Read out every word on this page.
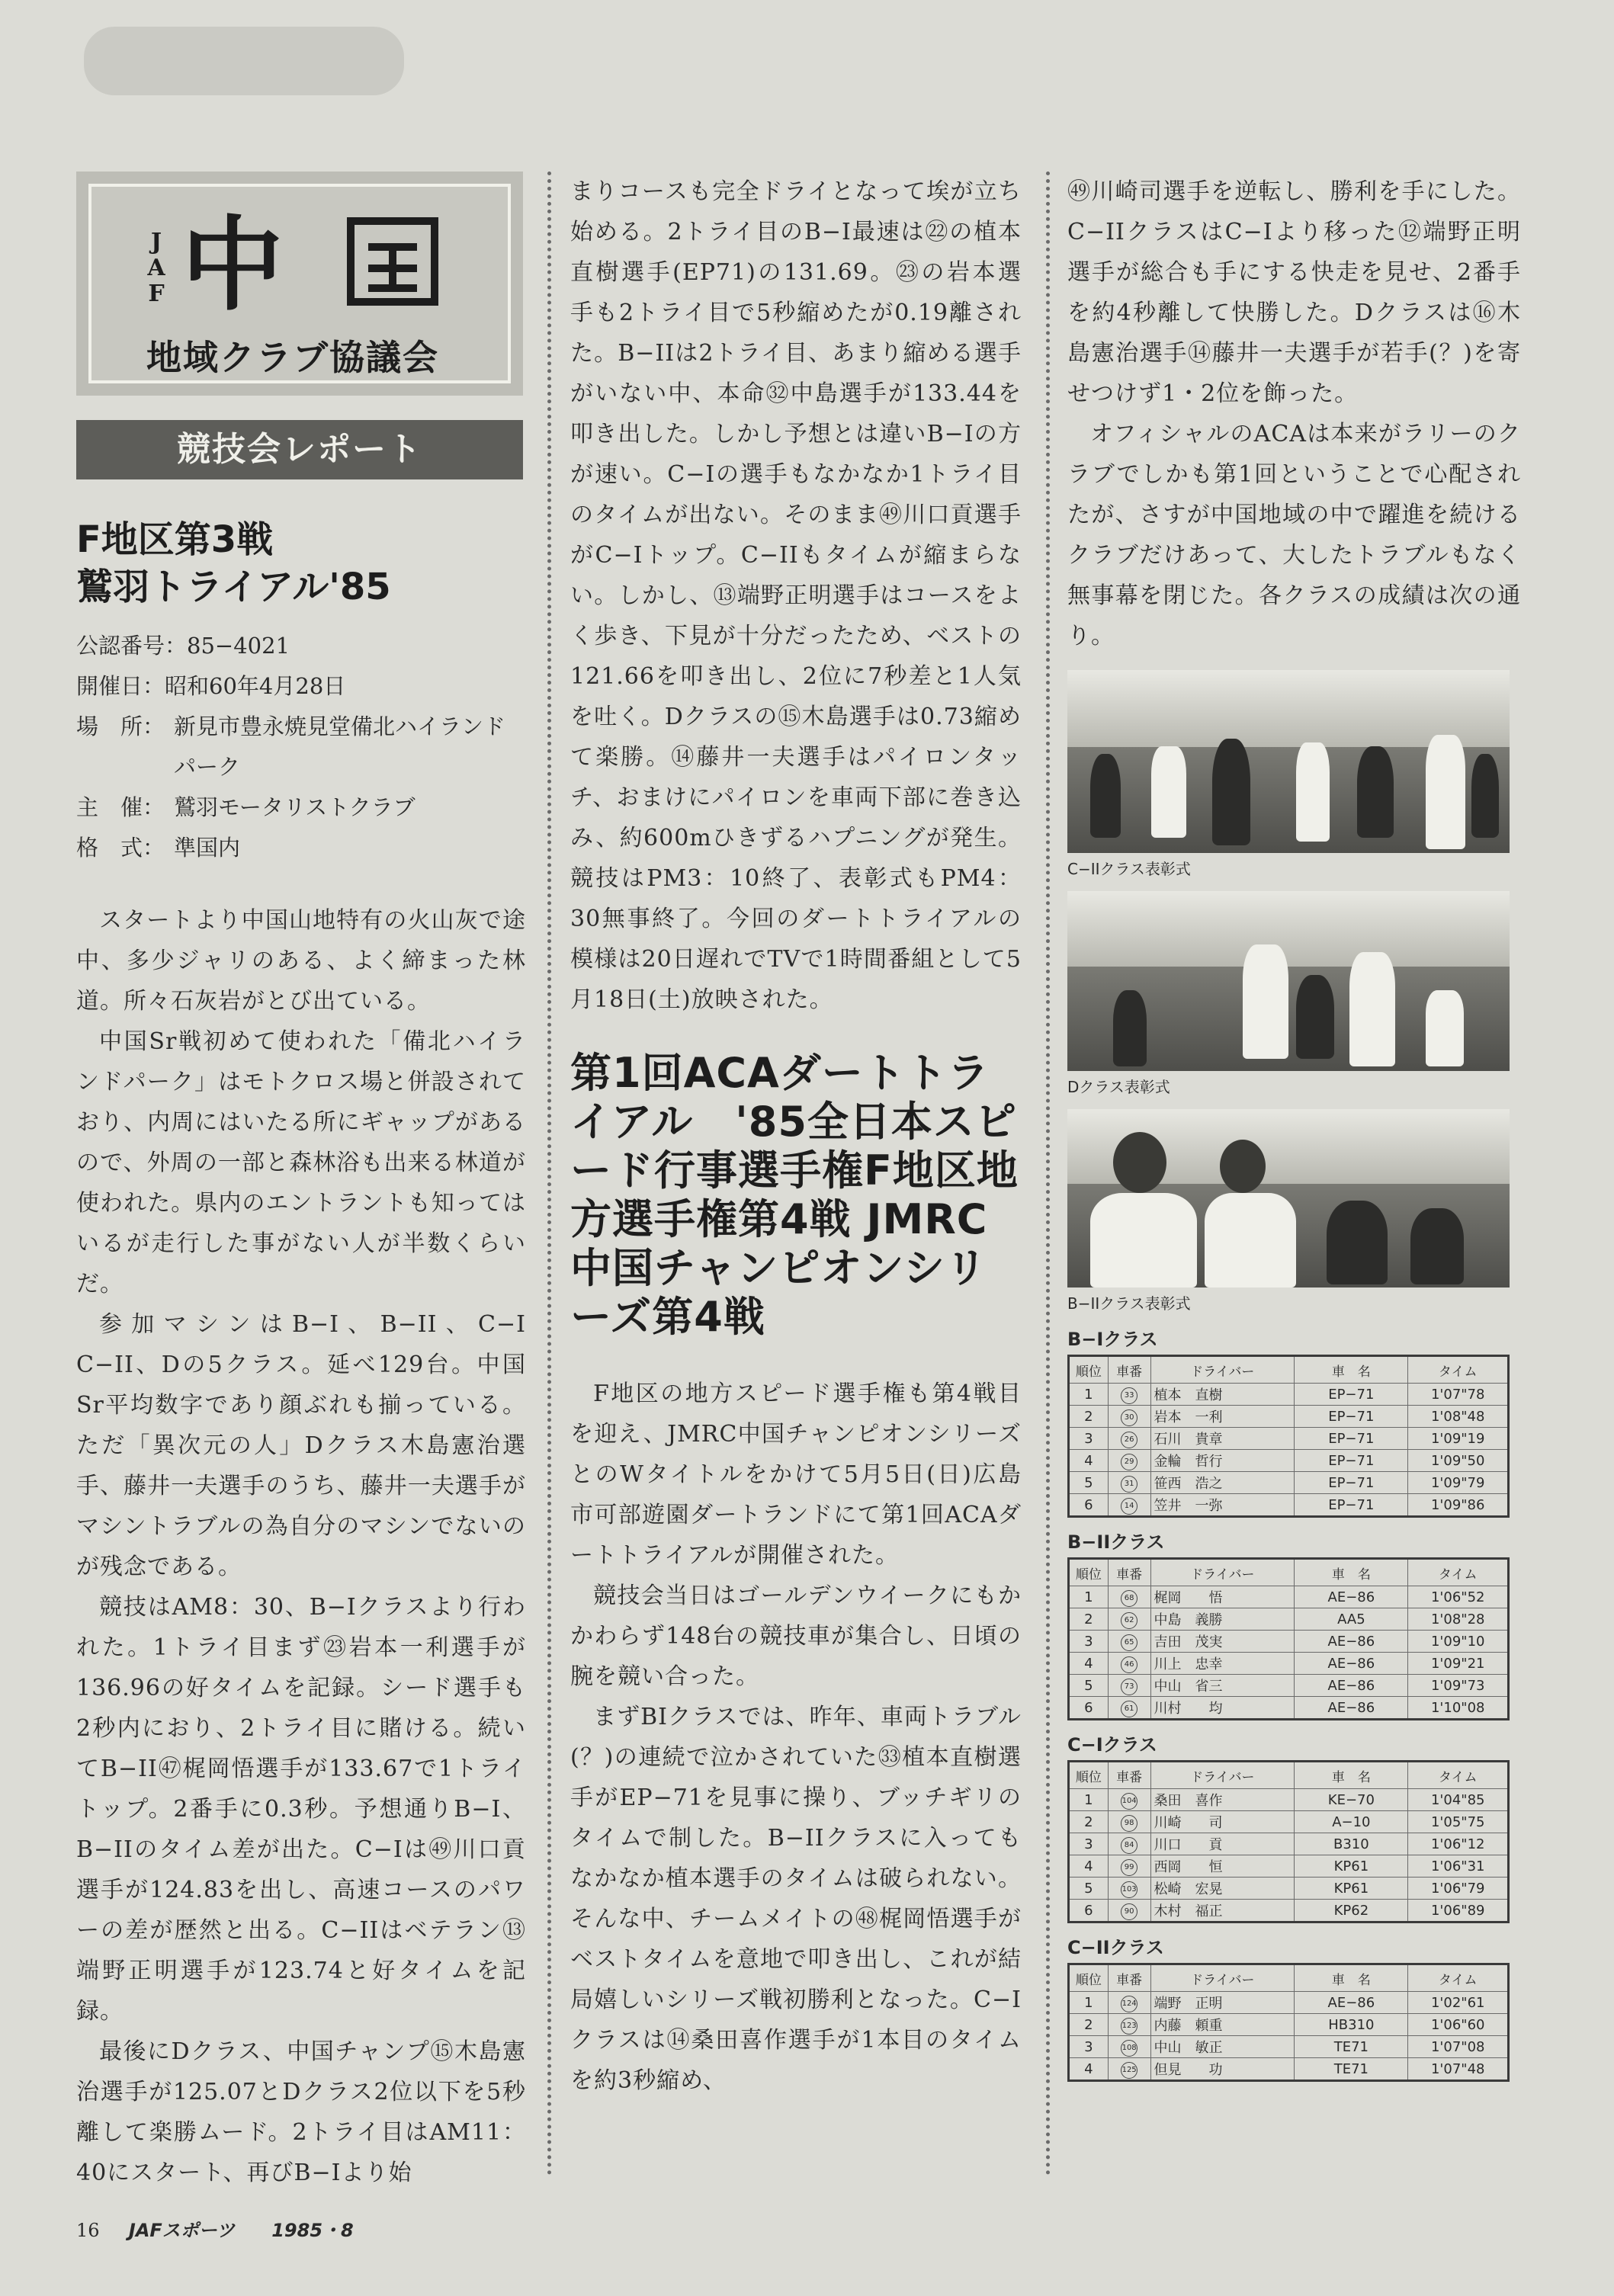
JAF 中
地域クラブ協議会
競技会レポート
F地区第3戦
鷲羽トライアル'85
公認番号：85−4021
開催日：昭和60年4月28日
場　所： 新見市豊永焼見堂備北ハイランドパーク
主　催： 鷲羽モータリストクラブ
格　式： 準国内

スタートより中国山地特有の火山灰で途中、多少ジャリのある、よく締まった林道。所々石灰岩がとび出ている。

中国Sr戦初めて使われた「備北ハイランドパーク」はモトクロス場と併設されており、内周にはいたる所にギャップがあるので、外周の一部と森林浴も出来る林道が使われた。県内のエントラントも知ってはいるが走行した事がない人が半数くらいだ。

参加マシンはB−I、B−II、C−I C−II、Dの5クラス。延べ129台。中国Sr平均数字であり顔ぶれも揃っている。ただ「異次元の人」Dクラス木島憲治選手、藤井一夫選手のうち、藤井一夫選手がマシントラブルの為自分のマシンでないのが残念である。

競技はAM8：30、B−Iクラスより行われた。1トライ目まず㉓岩本一利選手が136.96の好タイムを記録。シード選手も2秒内におり、2トライ目に賭ける。続いてB−II㊼梶岡悟選手が133.67で1トライトップ。2番手に0.3秒。予想通りB−I、B−IIのタイム差が出た。C−Iは㊾川口貢選手が124.83を出し、高速コースのパワーの差が歴然と出る。C−IIはベテラン⑬端野正明選手が123.74と好タイムを記録。

最後にDクラス、中国チャンプ⑮木島憲治選手が125.07とDクラス2位以下を5秒離して楽勝ムード。2トライ目はAM11：40にスタート、再びB−Iより始

まりコースも完全ドライとなって埃が立ち始める。2トライ目のB−I最速は㉒の植本直樹選手(EP71)の131.69。㉓の岩本選手も2トライ目で5秒縮めたが0.19離された。B−IIは2トライ目、あまり縮める選手がいない中、本命㉜中島選手が133.44を叩き出した。しかし予想とは違いB−Iの方が速い。C−Iの選手もなかなか1トライ目のタイムが出ない。そのまま㊾川口貢選手がC−Iトップ。C−IIもタイムが縮まらない。しかし、⑬端野正明選手はコースをよく歩き、下見が十分だったため、ベストの121.66を叩き出し、2位に7秒差と1人気を吐く。Dクラスの⑮木島選手は0.73縮めて楽勝。⑭藤井一夫選手はパイロンタッチ、おまけにパイロンを車両下部に巻き込み、約600mひきずるハプニングが発生。競技はPM3：10終了、表彰式もPM4：30無事終了。今回のダートトライアルの模様は20日遅れでTVで1時間番組として5月18日(土)放映された。

第1回ACAダートトライアル　'85全日本スピード行事選手権F地区地方選手権第4戦 JMRC中国チャンピオンシリーズ第4戦

F地区の地方スピード選手権も第4戦目を迎え、JMRC中国チャンピオンシリーズとのWタイトルをかけて5月5日(日)広島市可部遊園ダートランドにて第1回ACAダートトライアルが開催された。

競技会当日はゴールデンウイークにもかかわらず148台の競技車が集合し、日頃の腕を競い合った。

まずBIクラスでは、昨年、車両トラブル(？)の連続で泣かされていた㉝植本直樹選手がEP−71を見事に操り、ブッチギリのタイムで制した。B−IIクラスに入ってもなかなか植本選手のタイムは破られない。そんな中、チームメイトの㊽梶岡悟選手がベストタイムを意地で叩き出し、これが結局嬉しいシリーズ戦初勝利となった。C−Iクラスは⑭桑田喜作選手が1本目のタイムを約3秒縮め、

㊾川崎司選手を逆転し、勝利を手にした。C−IIクラスはC−Iより移った⑫端野正明選手が総合も手にする快走を見せ、2番手を約4秒離して快勝した。Dクラスは⑯木島憲治選手⑭藤井一夫選手が若手(？)を寄せつけず1・2位を飾った。

オフィシャルのACAは本来がラリーのクラブでしかも第1回ということで心配されたが、さすが中国地域の中で躍進を続けるクラブだけあって、大したトラブルもなく無事幕を閉じた。各クラスの成績は次の通り。

C−IIクラス表彰式
Dクラス表彰式
B−IIクラス表彰式
B−Iクラス
順位	車番	ドライバー	車　名	タイム
1	33	植本　直樹	EP−71	1'07"78
2	30	岩本　一利	EP−71	1'08"48
3	26	石川　貴章	EP−71	1'09"19
4	29	金輪　哲行	EP−71	1'09"50
5	31	笹西　浩之	EP−71	1'09"79
6	14	笠井　一弥	EP−71	1'09"86
B−IIクラス
順位	車番	ドライバー	車　名	タイム
1	68	梶岡　　悟	AE−86	1'06"52
2	62	中島　義勝	AA5	1'08"28
3	65	吉田　茂実	AE−86	1'09"10
4	46	川上　忠幸	AE−86	1'09"21
5	73	中山　省三	AE−86	1'09"73
6	61	川村　　均	AE−86	1'10"08
C−Iクラス
順位	車番	ドライバー	車　名	タイム
1	104	桑田　喜作	KE−70	1'04"85
2	98	川崎　　司	A−10	1'05"75
3	84	川口　　貢	B310	1'06"12
4	99	西岡　　恒	KP61	1'06"31
5	103	松崎　宏晃	KP61	1'06"79
6	90	木村　福正	KP62	1'06"89
C−IIクラス
順位	車番	ドライバー	車　名	タイム
1	124	端野　正明	AE−86	1'02"61
2	123	内藤　頼重	HB310	1'06"60
3	108	中山　敏正	TE71	1'07"08
4	125	但見　　功	TE71	1'07"48
16 JAFスポーツ 1985・8
